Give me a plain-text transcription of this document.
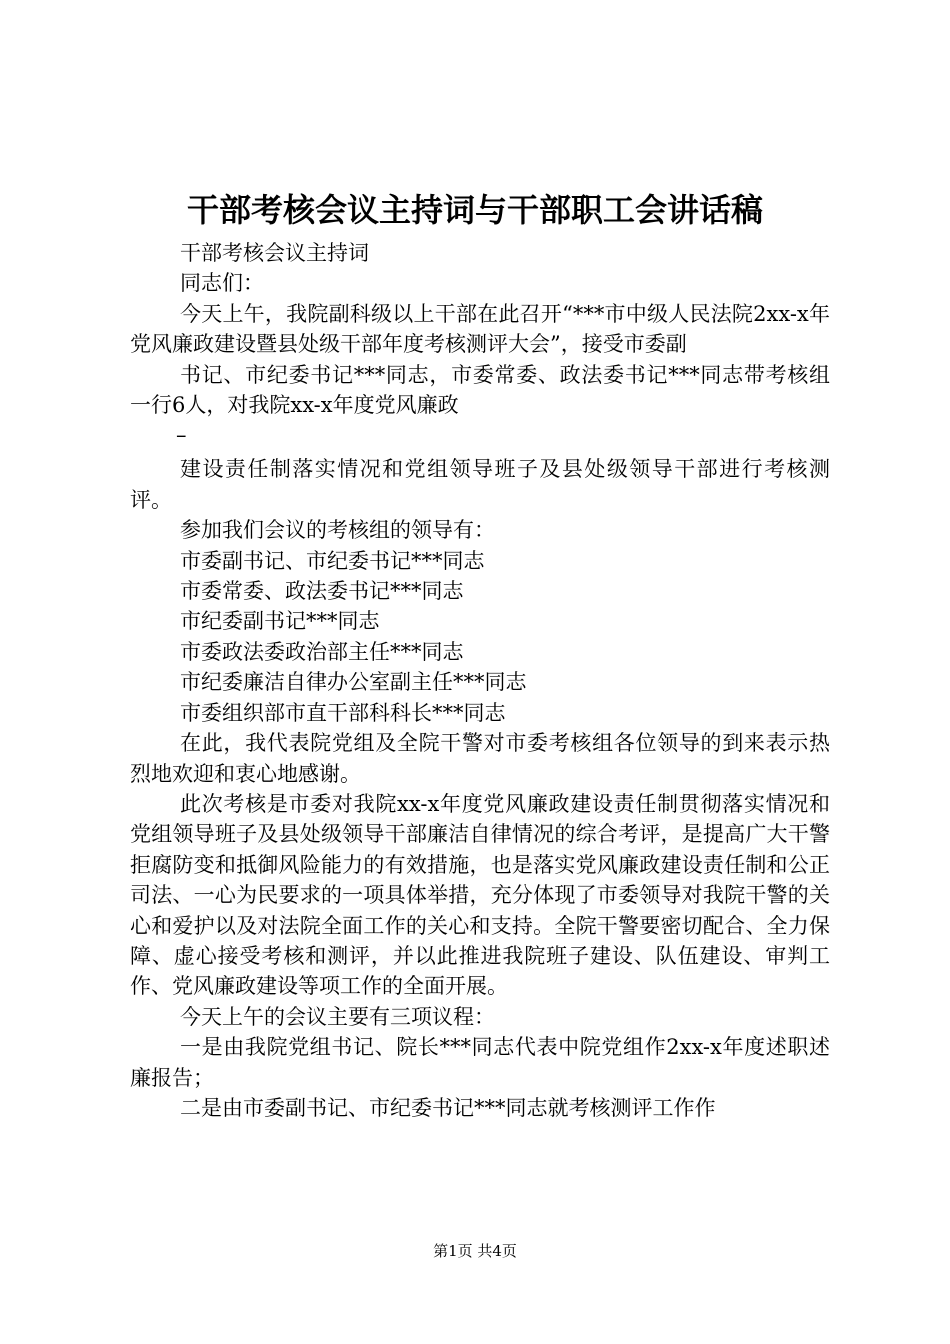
干部考核会议主持词与干部职工会讲话稿

干部考核会议主持词

同志们：

今天上午，我院副科级以上干部在此召开“***市中级人民法院2xx-x年党风廉政建设暨县处级干部年度考核测评大会”，接受市委副

书记、市纪委书记***同志，市委常委、政法委书记***同志带考核组一行6人，对我院xx-x年度党风廉政

–

建设责任制落实情况和党组领导班子及县处级领导干部进行考核测评。

参加我们会议的考核组的领导有：

市委副书记、市纪委书记***同志

市委常委、政法委书记***同志

市纪委副书记***同志

市委政法委政治部主任***同志

市纪委廉洁自律办公室副主任***同志

市委组织部市直干部科科长***同志

在此，我代表院党组及全院干警对市委考核组各位领导的到来表示热烈地欢迎和衷心地感谢。

此次考核是市委对我院xx-x年度党风廉政建设责任制贯彻落实情况和党组领导班子及县处级领导干部廉洁自律情况的综合考评，是提高广大干警拒腐防变和抵御风险能力的有效措施，也是落实党风廉政建设责任制和公正司法、一心为民要求的一项具体举措，充分体现了市委领导对我院干警的关心和爱护以及对法院全面工作的关心和支持。全院干警要密切配合、全力保障、虚心接受考核和测评，并以此推进我院班子建设、队伍建设、审判工作、党风廉政建设等项工作的全面开展。

今天上午的会议主要有三项议程：

一是由我院党组书记、院长***同志代表中院党组作2xx-x年度述职述廉报告；

二是由市委副书记、市纪委书记***同志就考核测评工作作

第1页 共4页
